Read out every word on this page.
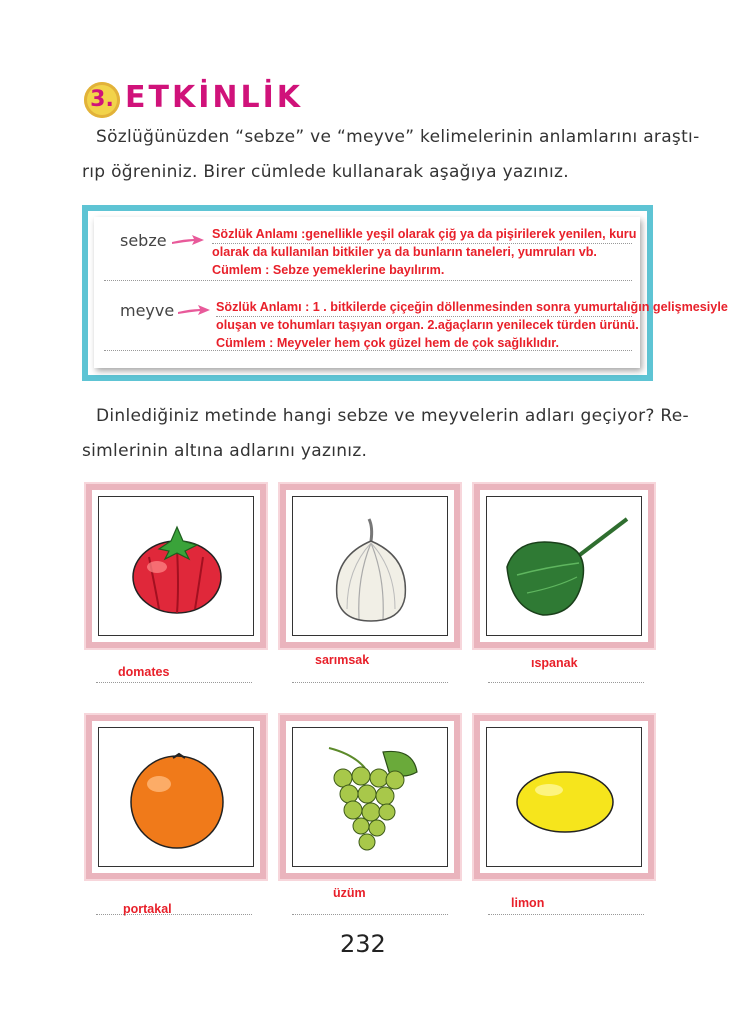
3. ETKİNLİK
Sözlüğünüzden “sebze” ve “meyve” kelimelerinin anlamlarını araştı-
rıp öğreniniz. Birer cümlede kullanarak aşağıya yazınız.
sebze	Sözlük Anlamı :genellikle yeşil olarak çiğ ya da pişirilerek yenilen, kuru
olarak da kullanılan bitkiler ya da bunların taneleri, yumruları vb.
Cümlem : Sebze yemeklerine bayılırım.
meyve	Sözlük Anlamı : 1 . bitkilerde çiçeğin döllenmesinden sonra yumurtalığın gelişmesiyle
oluşan ve tohumları taşıyan organ. 2.ağaçların yenilecek türden ürünü.
Cümlem : Meyveler hem çok güzel hem de çok sağlıklıdır.
Dinlediğiniz metinde hangi sebze ve meyvelerin adları geçiyor? Re-
simlerinin altına adlarını yazınız.
domates
sarımsak	ıspanak
portakal
üzüm
limon
232
